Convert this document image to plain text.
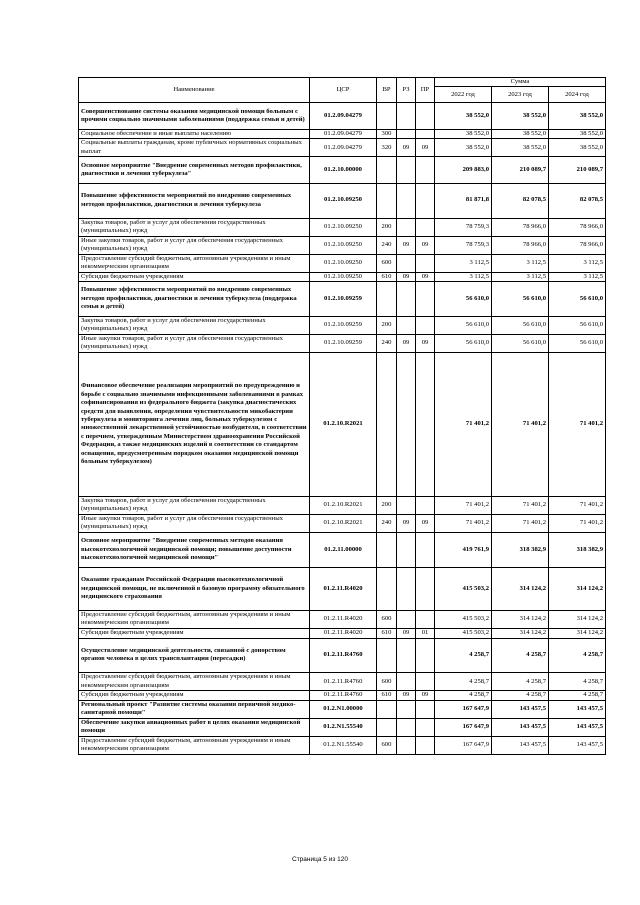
Наименование	ЦСР	ВР	РЗ	ПР	Сумма		
					2022 год	2023 год	2024 год
Совершенствование системы оказания медицинской помощи больным с прочими социально значимыми заболеваниями (поддержка семьи и детей)	01.2.09.04279				38 552,0	38 552,0	38 552,0
Социальное обеспечение и иные выплаты населению	01.2.09.04279	300			38 552,0	38 552,0	38 552,0
Социальные выплаты гражданам, кроме публичных нормативных социальных выплат	01.2.09.04279	320	09	09	38 552,0	38 552,0	38 552,0
Основное мероприятие "Внедрение современных методов профилактики, диагностики и лечения туберкулеза"	01.2.10.00000				209 883,0	210 089,7	210 089,7
Повышение эффективности мероприятий по внедрению современных методов профилактики, диагностики и лечения туберкулеза	01.2.10.09250				81 871,8	82 078,5	82 078,5
Закупка товаров, работ и услуг для обеспечения государственных (муниципальных) нужд	01.2.10.09250	200			78 759,3	78 966,0	78 966,0
Иные закупки товаров, работ и услуг для обеспечения государственных (муниципальных) нужд	01.2.10.09250	240	09	09	78 759,3	78 966,0	78 966,0
Предоставление субсидий бюджетным, автономным учреждениям и иным некоммерческим организациям	01.2.10.09250	600			3 112,5	3 112,5	3 112,5
Субсидии бюджетным учреждениям	01.2.10.09250	610	09	09	3 112,5	3 112,5	3 112,5
Повышение эффективности мероприятий по внедрению современных методов профилактики, диагностики и лечения туберкулеза (поддержка семьи и детей)	01.2.10.09259				56 610,0	56 610,0	56 610,0
Закупка товаров, работ и услуг для обеспечения государственных (муниципальных) нужд	01.2.10.09259	200			56 610,0	56 610,0	56 610,0
Иные закупки товаров, работ и услуг для обеспечения государственных (муниципальных) нужд	01.2.10.09259	240	09	09	56 610,0	56 610,0	56 610,0
Финансовое обеспечение реализации мероприятий по предупреждению и борьбе с социально значимыми инфекционными заболеваниями в рамках софинансирования из федерального бюджета (закупка диагностических средств для выявления, определения чувствительности микобактерии туберкулеза и мониторинга лечения лиц, больных туберкулезом с множественной лекарственной устойчивостью возбудителя, в соответствии с перечнем, утвержденным Министерством здравоохранения Российской Федерации, а также медицинских изделий в соответствии со стандартом оснащения, предусмотренным порядком оказания медицинской помощи больным туберкулезом)	01.2.10.R2021				71 401,2	71 401,2	71 401,2
Закупка товаров, работ и услуг для обеспечения государственных (муниципальных) нужд	01.2.10.R2021	200			71 401,2	71 401,2	71 401,2
Иные закупки товаров, работ и услуг для обеспечения государственных (муниципальных) нужд	01.2.10.R2021	240	09	09	71 401,2	71 401,2	71 401,2
Основное мероприятие "Внедрение современных методов оказания высокотехнологичной медицинской помощи; повышение доступности высокотехнологичной медицинской помощи"	01.2.11.00000				419 761,9	318 382,9	318 382,9
Оказание гражданам Российской Федерации высокотехнологичной медицинской помощи, не включенной в базовую программу обязательного медицинского страхования	01.2.11.R4020				415 503,2	314 124,2	314 124,2
Предоставление субсидий бюджетным, автономным учреждениям и иным некоммерческим организациям	01.2.11.R4020	600			415 503,2	314 124,2	314 124,2
Субсидии бюджетным учреждениям	01.2.11.R4020	610	09	01	415 503,2	314 124,2	314 124,2
Осуществление медицинской деятельности, связанной с донорством органов человека в целях трансплантации (пересадки)	01.2.11.R4760				4 258,7	4 258,7	4 258,7
Предоставление субсидий бюджетным, автономным учреждениям и иным некоммерческим организациям	01.2.11.R4760	600			4 258,7	4 258,7	4 258,7
Субсидии бюджетным учреждениям	01.2.11.R4760	610	09	09	4 258,7	4 258,7	4 258,7
Региональный проект "Развитие системы оказания первичной медико-санитарной помощи"	01.2.N1.00000				167 647,9	143 457,5	143 457,5
Обеспечение закупки авиационных работ в целях оказания медицинской помощи	01.2.N1.55540				167 647,9	143 457,5	143 457,5
Предоставление субсидий бюджетным, автономным учреждениям и иным некоммерческим организациям	01.2.N1.55540	600			167 647,9	143 457,5	143 457,5
Страница 5 из 120
